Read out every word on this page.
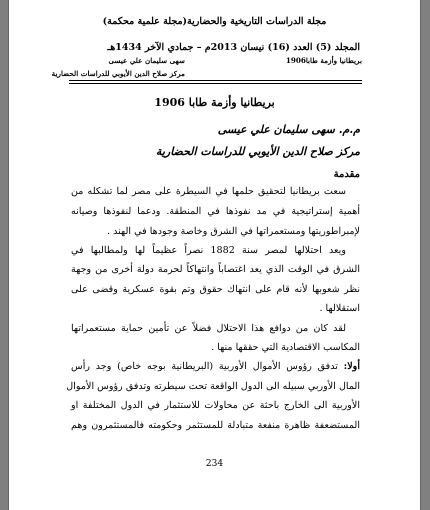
مجلة الدراسات التاريخية والحضارية(مجلة علمية محكمة)
المجلد (5) العدد (16) نيسان 2013م – جمادي الآخر 1434هـ
بريطانيا وأزمة طابا1906
سهى سليمان علي عيسى
مركز صلاح الدين الأيوبي للدراسات الحضارية
بريطانيا وأزمة طابا 1906
م.م. سهى سليمان علي عيسى
مركز صلاح الدين الأيوبي للدراسات الحضارية
مقدمة
سعت بريطانيا لتحقيق حلمها في السيطرة على مصر لما تشكله من
أهمية إستراتيجية في مد نفوذها في المنطقة. ودعما لنفوذها وصيانه
لإمبراطوريتها ومستعمراتها في الشرق وخاصة وجودها في الهند .
ويعد احتلالها لمصر سنة 1882 نصراً عظيماً لها ولمطالبها في
الشرق في الوقت الذي يعد اغتصاباً وانتهاكاً لحرمة دولة أخرى من وجهة
نظر شعوبها لأنه قام على انتهاك حقوق وتم بقوة عسكرية وقضى على
استقلالها .
لقد كان من دوافع هذا الاحتلال فضلاً عن تأمين حماية مستعمراتها
المكاسب الاقتصادية التي حققها منها .
أولا: تدفق رؤوس الأموال الأوربية (البريطانية بوجه خاص) وجد رأس
المال الأوربي سبيله الى الدول الواقعة تحت سيطرته وتدفق رؤوس الأموال
الأوربية الى الخارج باحثة عن محاولات للاستثمار في الدول المختلفة او
المستضعفة ظاهرة منفعة متبادلة للمستثمر وحكومته فالمستثمرون وهم
234
